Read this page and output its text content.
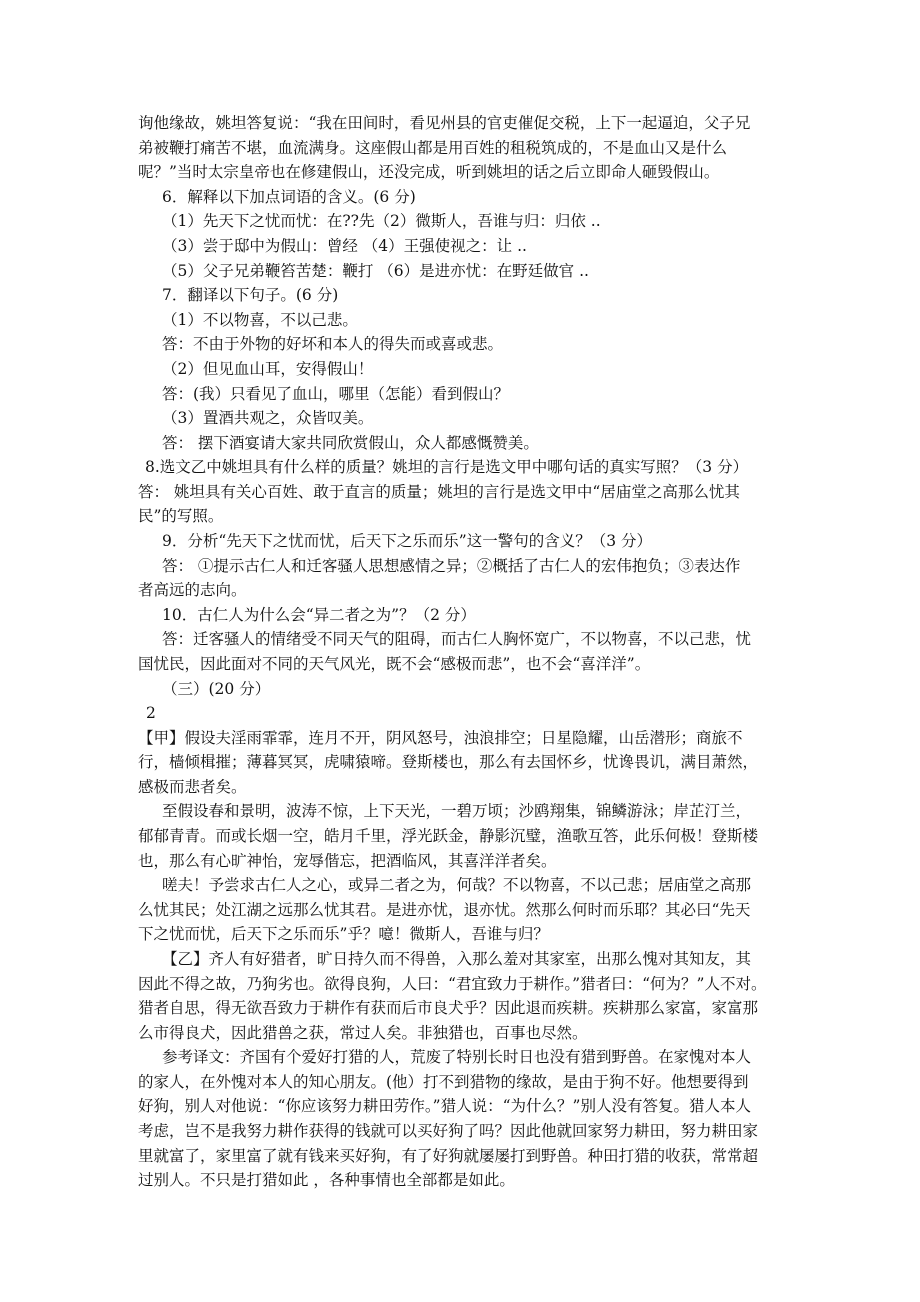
询他缘故，姚坦答复说：“我在田间时，看见州县的官吏催促交税，上下一起逼迫，父子兄
弟被鞭打痛苦不堪，血流满身。这座假山都是用百姓的租税筑成的，不是血山又是什么
呢？”当时太宗皇帝也在修建假山，还没完成，听到姚坦的话之后立即命人砸毁假山。
6．解释以下加点词语的含义。(6 分)
（1）先天下之忧而忧：在??先（2）微斯人，吾谁与归：归依 ..
（3）尝于邸中为假山：曾经 （4）王强使视之：让 ..
（5）父子兄弟鞭笞苦楚：鞭打 （6）是进亦忧：在野廷做官 ..
7．翻译以下句子。(6 分)
（1）不以物喜，不以己悲。
答：不由于外物的好坏和本人的得失而或喜或悲。
（2）但见血山耳，安得假山！
答：(我）只看见了血山，哪里（怎能）看到假山？
（3）置酒共观之，众皆叹美。
答： 摆下酒宴请大家共同欣赏假山，众人都感慨赞美。
8.选文乙中姚坦具有什么样的质量？姚坦的言行是选文甲中哪句话的真实写照？（3 分）
答： 姚坦具有关心百姓、敢于直言的质量；姚坦的言行是选文甲中“居庙堂之高那么忧其
民”的写照。
9．分析“先天下之忧而忧，后天下之乐而乐”这一警句的含义？（3 分）
答： ①提示古仁人和迁客骚人思想感情之异；②概括了古仁人的宏伟抱负；③表达作
者高远的志向。
10．古仁人为什么会“异二者之为”？（2 分）
答：迁客骚人的情绪受不同天气的阻碍，而古仁人胸怀宽广，不以物喜，不以己悲，忧
国忧民，因此面对不同的天气风光，既不会“感极而悲”，也不会“喜洋洋”。
（三）(20 分）
2
【甲】假设夫淫雨霏霏，连月不开，阴风怒号，浊浪排空；日星隐耀，山岳潜形；商旅不
行，樯倾楫摧；薄暮冥冥，虎啸猿啼。登斯楼也，那么有去国怀乡，忧谗畏讥，满目萧然，
感极而悲者矣。
至假设春和景明，波涛不惊，上下天光，一碧万顷；沙鸥翔集，锦鳞游泳；岸芷汀兰，
郁郁青青。而或长烟一空，皓月千里，浮光跃金，静影沉璧，渔歌互答，此乐何极！登斯楼
也，那么有心旷神怡，宠辱偕忘，把酒临风，其喜洋洋者矣。
嗟夫！予尝求古仁人之心，或异二者之为，何哉？不以物喜，不以己悲；居庙堂之高那
么忧其民；处江湖之远那么忧其君。是进亦忧，退亦忧。然那么何时而乐耶？其必曰“先天
下之忧而忧，后天下之乐而乐”乎？噫！微斯人，吾谁与归？
【乙】齐人有好猎者，旷日持久而不得兽，入那么羞对其家室，出那么愧对其知友，其
因此不得之故，乃狗劣也。欲得良狗，人曰：“君宜致力于耕作。”猎者曰：“何为？”人不对。
猎者自思，得无欲吾致力于耕作有获而后市良犬乎？因此退而疾耕。疾耕那么家富，家富那
么市得良犬，因此猎兽之获，常过人矣。非独猎也，百事也尽然。
参考译文：齐国有个爱好打猎的人，荒废了特别长时日也没有猎到野兽。在家愧对本人
的家人，在外愧对本人的知心朋友。(他）打不到猎物的缘故，是由于狗不好。他想要得到
好狗，别人对他说：“你应该努力耕田劳作。”猎人说：“为什么？”别人没有答复。猎人本人
考虑，岂不是我努力耕作获得的钱就可以买好狗了吗？因此他就回家努力耕田，努力耕田家
里就富了，家里富了就有钱来买好狗，有了好狗就屡屡打到野兽。种田打猎的收获，常常超
过别人。不只是打猎如此 ，各种事情也全部都是如此。
